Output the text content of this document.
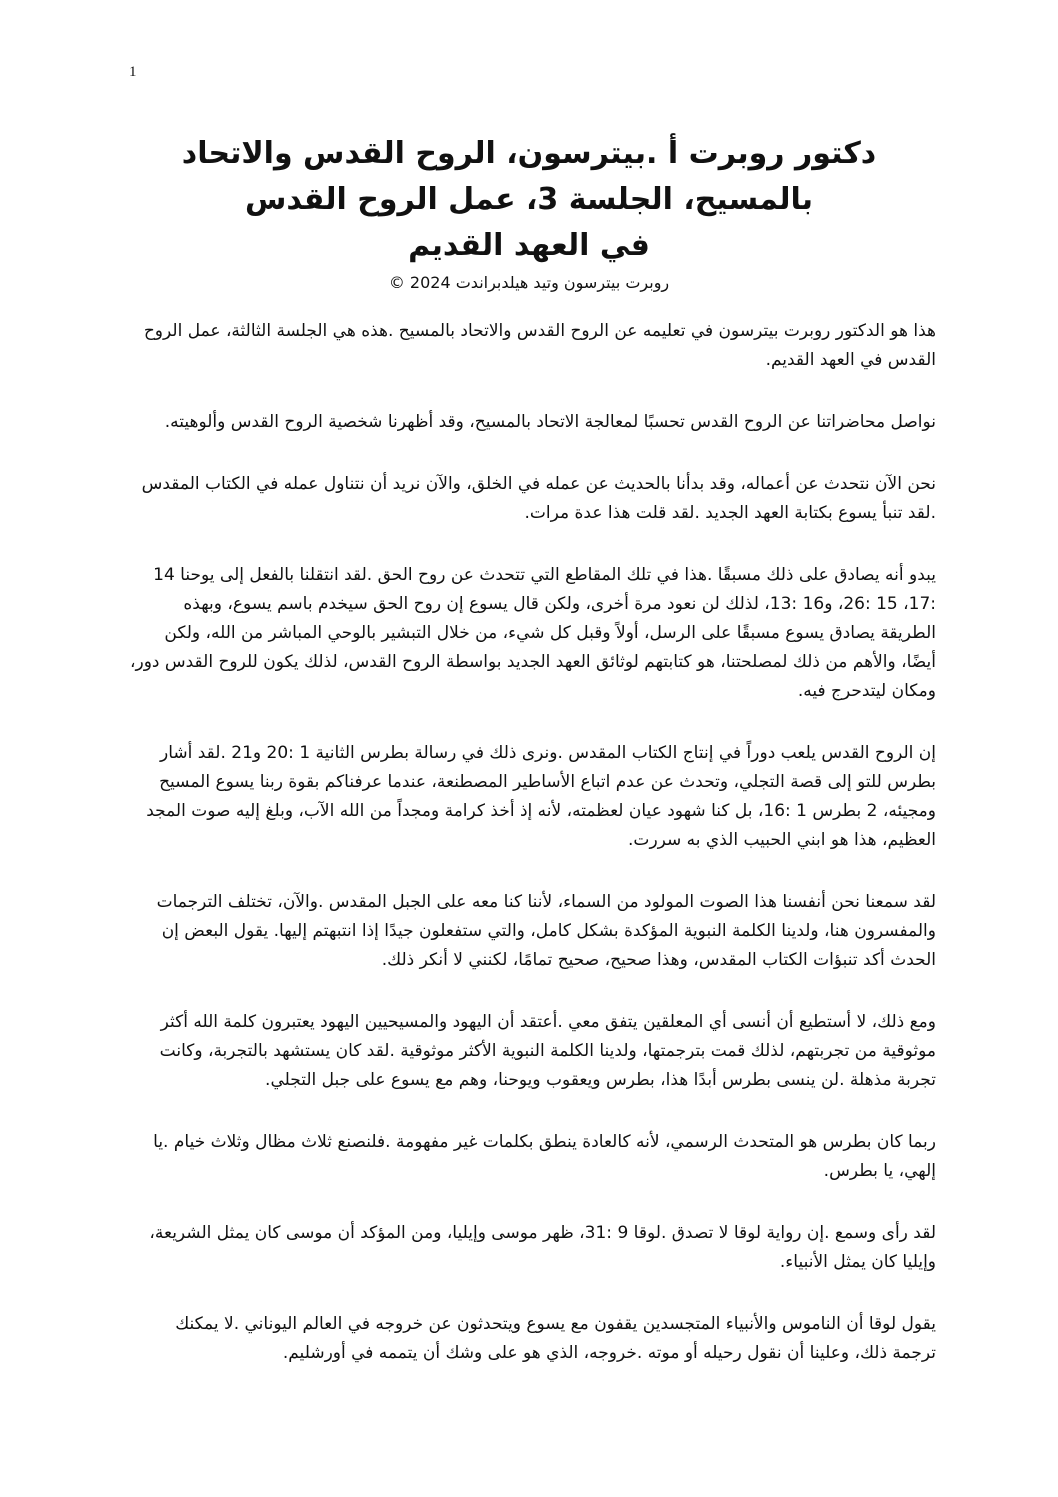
1
دكتور روبرت أ .بيترسون، الروح القدس والاتحاد
بالمسيح، الجلسة 3، عمل الروح القدس
في العهد القديم
روبرت بيترسون وتيد هيلدبراندت 2024 ©

هذا هو الدكتور روبرت بيترسون في تعليمه عن الروح القدس والاتحاد بالمسيح .هذه هي الجلسة الثالثة، عمل الروح القدس في العهد القديم.

نواصل محاضراتنا عن الروح القدس تحسبًا لمعالجة الاتحاد بالمسيح، وقد أظهرنا شخصية الروح القدس وألوهيته.

نحن الآن نتحدث عن أعماله، وقد بدأنا بالحديث عن عمله في الخلق، والآن نريد أن نتناول عمله في الكتاب المقدس .لقد تنبأ يسوع بكتابة العهد الجديد .لقد قلت هذا عدة مرات.

يبدو أنه يصادق على ذلك مسبقًا .هذا في تلك المقاطع التي تتحدث عن روح الحق .لقد انتقلنا بالفعل إلى يوحنا 14 :17، 15 :26، و16 :13، لذلك لن نعود مرة أخرى، ولكن قال يسوع إن روح الحق سيخدم باسم يسوع، وبهذه الطريقة يصادق يسوع مسبقًا على الرسل، أولاً وقبل كل شيء، من خلال التبشير بالوحي المباشر من الله، ولكن أيضًا، والأهم من ذلك لمصلحتنا، هو كتابتهم لوثائق العهد الجديد بواسطة الروح القدس، لذلك يكون للروح القدس دور، ومكان ليتدحرج فيه.

إن الروح القدس يلعب دوراً في إنتاج الكتاب المقدس .ونرى ذلك في رسالة بطرس الثانية 1 :20 و21 .لقد أشار بطرس للتو إلى قصة التجلي، وتحدث عن عدم اتباع الأساطير المصطنعة، عندما عرفناكم بقوة ربنا يسوع المسيح ومجيئه، 2 بطرس 1 :16، بل كنا شهود عيان لعظمته، لأنه إذ أخذ كرامة ومجداً من الله الآب، وبلغ إليه صوت المجد العظيم، هذا هو ابني الحبيب الذي به سررت.

لقد سمعنا نحن أنفسنا هذا الصوت المولود من السماء، لأننا كنا معه على الجبل المقدس .والآن، تختلف الترجمات والمفسرون هنا، ولدينا الكلمة النبوية المؤكدة بشكل كامل، والتي ستفعلون جيدًا إذا انتبهتم إليها. يقول البعض إن الحدث أكد تنبؤات الكتاب المقدس، وهذا صحيح، صحيح تمامًا، لكنني لا أنكر ذلك.

ومع ذلك، لا أستطيع أن أنسى أي المعلقين يتفق معي .أعتقد أن اليهود والمسيحيين اليهود يعتبرون كلمة الله أكثر موثوقية من تجربتهم، لذلك قمت بترجمتها، ولدينا الكلمة النبوية الأكثر موثوقية .لقد كان يستشهد بالتجربة، وكانت تجربة مذهلة .لن ينسى بطرس أبدًا هذا، بطرس ويعقوب ويوحنا، وهم مع يسوع على جبل التجلي.

ربما كان بطرس هو المتحدث الرسمي، لأنه كالعادة ينطق بكلمات غير مفهومة .فلنصنع ثلاث مظال وثلاث خيام .يا إلهي، يا بطرس.

لقد رأى وسمع .إن رواية لوقا لا تصدق .لوقا 9 :31، ظهر موسى وإيليا، ومن المؤكد أن موسى كان يمثل الشريعة، وإيليا كان يمثل الأنبياء.

يقول لوقا أن الناموس والأنبياء المتجسدين يقفون مع يسوع ويتحدثون عن خروجه في العالم اليوناني .لا يمكنك ترجمة ذلك، وعلينا أن نقول رحيله أو موته .خروجه، الذي هو على وشك أن يتممه في أورشليم.
